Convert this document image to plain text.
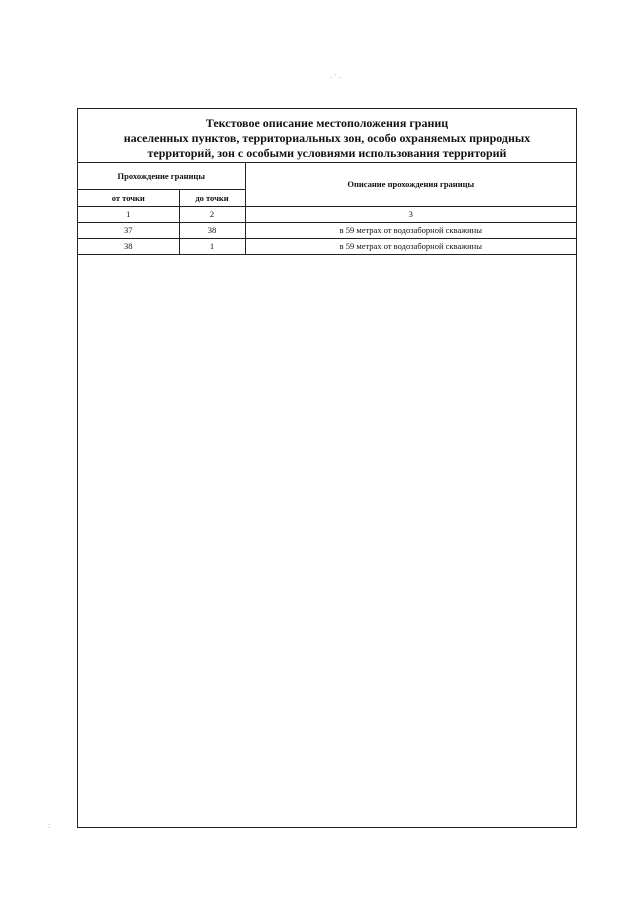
. · .
Текстовое описание местоположения границ
населенных пунктов, территориальных зон, особо охраняемых природных
территорий, зон с особыми условиями использования территорий
Прохождение границы		Описание прохождения границы
от точки	до точки	
1	2	3
37	38	в 59 метрах от водозаборной скважины
38	1	в 59 метрах от водозаборной скважины
:
